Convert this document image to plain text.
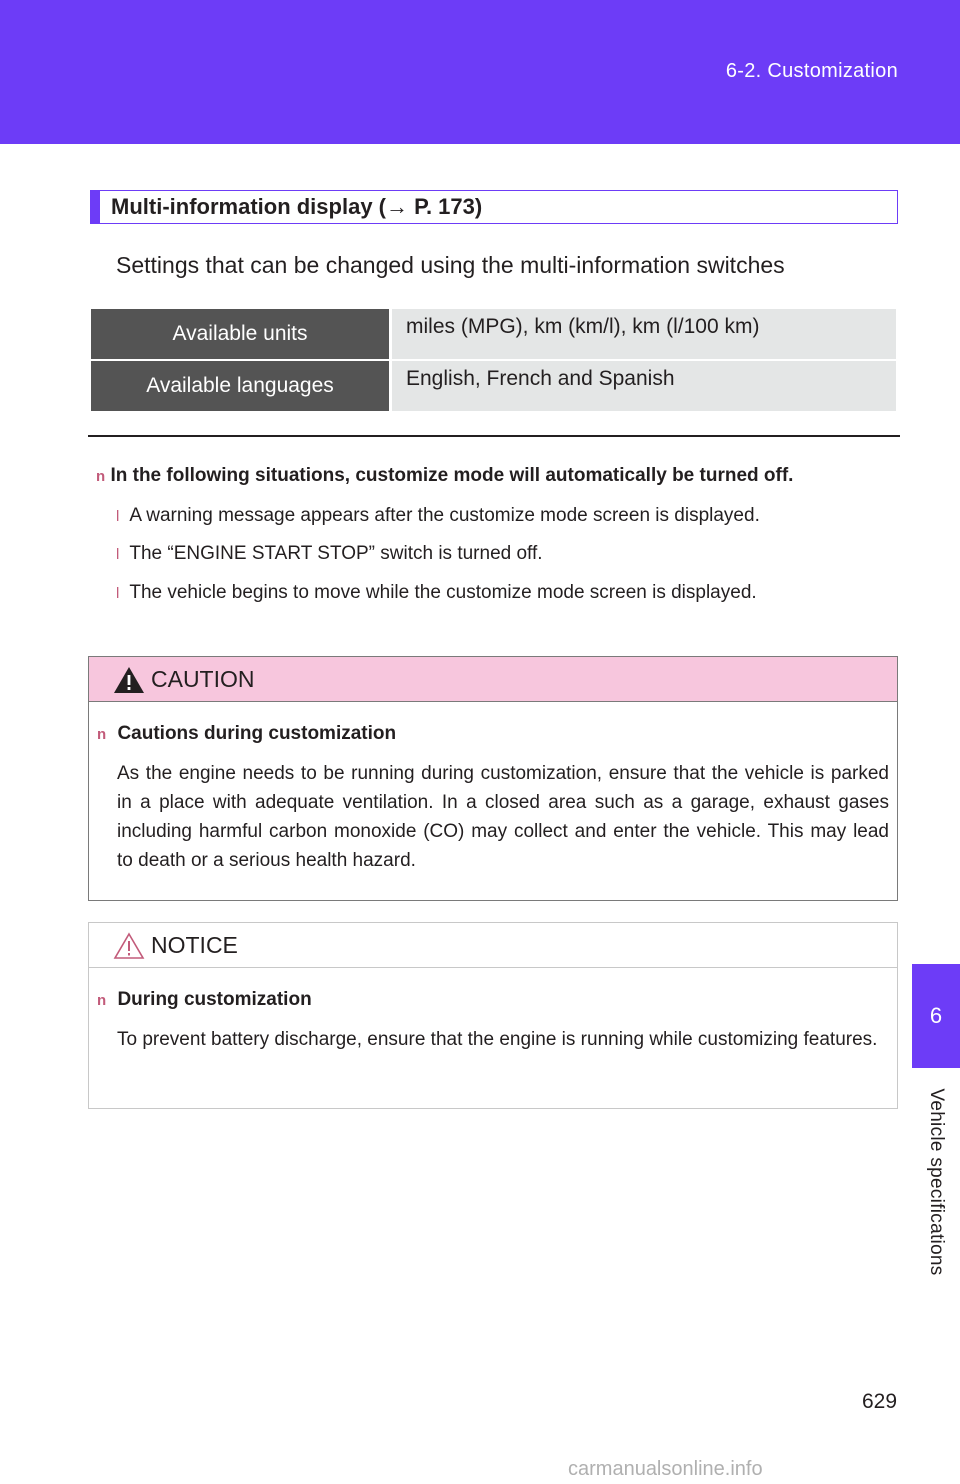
6-2. Customization
6
Vehicle specifications
Multi-information display (→ P. 173)
Settings that can be changed using the multi-information switches
Available units	miles (MPG), km (km/l), km (l/100 km)
Available languages	English, French and Spanish
n In the following situations, customize mode will automatically be turned off.
l A warning message appears after the customize mode screen is displayed.
l The “ENGINE START STOP” switch is turned off.
l The vehicle begins to move while the customize mode screen is displayed.
CAUTION
n Cautions during customization
As the engine needs to be running during customization, ensure that the vehicle is parked in a place with adequate ventilation. In a closed area such as a garage, exhaust gases including harmful carbon monoxide (CO) may collect and enter the vehicle. This may lead to death or a serious health hazard.
NOTICE
n During customization
To prevent battery discharge, ensure that the engine is running while customizing features.
629
carmanualsonline.info
